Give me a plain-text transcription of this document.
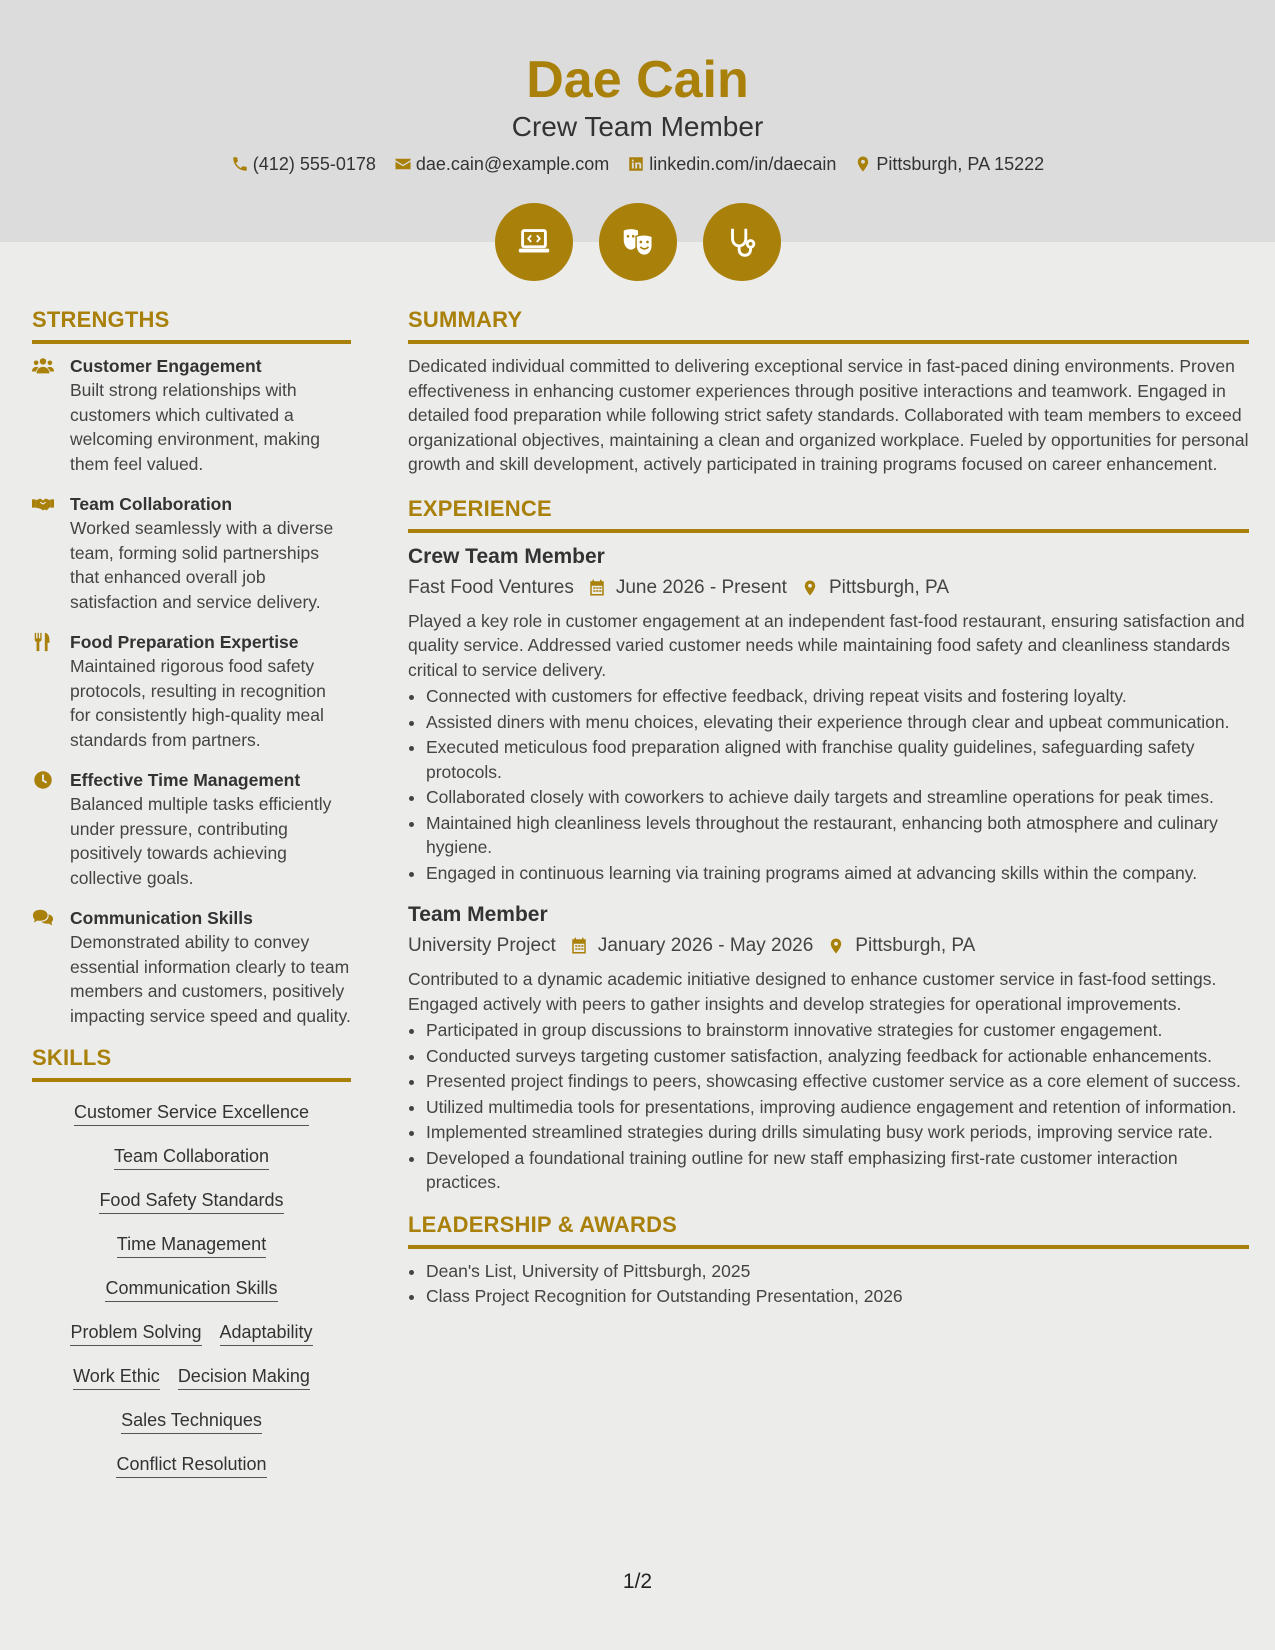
Dae Cain
Crew Team Member
(412) 555-0178 dae.cain@example.com linkedin.com/in/daecain Pittsburgh, PA 15222
STRENGTHS
Customer Engagement
Built strong relationships with customers which cultivated a welcoming environment, making them feel valued.
Team Collaboration
Worked seamlessly with a diverse team, forming solid partnerships that enhanced overall job satisfaction and service delivery.
Food Preparation Expertise
Maintained rigorous food safety protocols, resulting in recognition for consistently high-quality meal standards from partners.
Effective Time Management
Balanced multiple tasks efficiently under pressure, contributing positively towards achieving collective goals.
Communication Skills
Demonstrated ability to convey essential information clearly to team members and customers, positively impacting service speed and quality.
SKILLS
Customer Service Excellence
Team Collaboration
Food Safety Standards
Time Management
Communication Skills
Problem Solving Adaptability
Work Ethic Decision Making
Sales Techniques
Conflict Resolution
SUMMARY
Dedicated individual committed to delivering exceptional service in fast-paced dining environments. Proven effectiveness in enhancing customer experiences through positive interactions and teamwork. Engaged in detailed food preparation while following strict safety standards. Collaborated with team members to exceed organizational objectives, maintaining a clean and organized workplace. Fueled by opportunities for personal growth and skill development, actively participated in training programs focused on career enhancement.
EXPERIENCE
Crew Team Member
Fast Food Ventures June 2026 - Present Pittsburgh, PA
Played a key role in customer engagement at an independent fast-food restaurant, ensuring satisfaction and quality service. Addressed varied customer needs while maintaining food safety and cleanliness standards critical to service delivery.
• Connected with customers for effective feedback, driving repeat visits and fostering loyalty.
• Assisted diners with menu choices, elevating their experience through clear and upbeat communication.
• Executed meticulous food preparation aligned with franchise quality guidelines, safeguarding safety protocols.
• Collaborated closely with coworkers to achieve daily targets and streamline operations for peak times.
• Maintained high cleanliness levels throughout the restaurant, enhancing both atmosphere and culinary hygiene.
• Engaged in continuous learning via training programs aimed at advancing skills within the company.
Team Member
University Project January 2026 - May 2026 Pittsburgh, PA
Contributed to a dynamic academic initiative designed to enhance customer service in fast-food settings. Engaged actively with peers to gather insights and develop strategies for operational improvements.
• Participated in group discussions to brainstorm innovative strategies for customer engagement.
• Conducted surveys targeting customer satisfaction, analyzing feedback for actionable enhancements.
• Presented project findings to peers, showcasing effective customer service as a core element of success.
• Utilized multimedia tools for presentations, improving audience engagement and retention of information.
• Implemented streamlined strategies during drills simulating busy work periods, improving service rate.
• Developed a foundational training outline for new staff emphasizing first-rate customer interaction practices.
LEADERSHIP & AWARDS
• Dean's List, University of Pittsburgh, 2025
• Class Project Recognition for Outstanding Presentation, 2026
1/2
